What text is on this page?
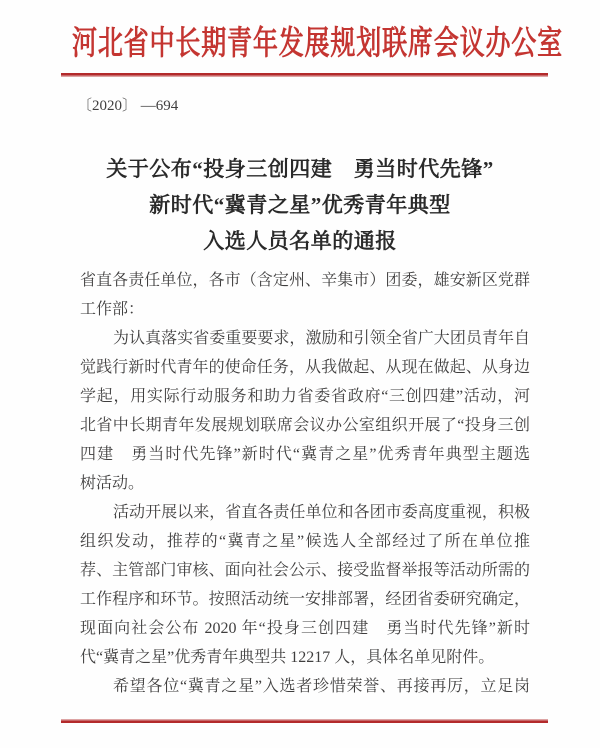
河北省中长期青年发展规划联席会议办公室
〔2020〕 —694
关于公布“投身三创四建　勇当时代先锋”
新时代“冀青之星”优秀青年典型
入选人员名单的通报
省直各责任单位，各市（含定州、辛集市）团委，雄安新区党群
工作部：
为认真落实省委重要要求，激励和引领全省广大团员青年自
觉践行新时代青年的使命任务，从我做起、从现在做起、从身边
学起，用实际行动服务和助力省委省政府“三创四建”活动，河
北省中长期青年发展规划联席会议办公室组织开展了“投身三创
四建　勇当时代先锋”新时代“冀青之星”优秀青年典型主题选
树活动。
活动开展以来，省直各责任单位和各团市委高度重视，积极
组织发动，推荐的“冀青之星”候选人全部经过了所在单位推
荐、主管部门审核、面向社会公示、接受监督举报等活动所需的
工作程序和环节。按照活动统一安排部署，经团省委研究确定，
现面向社会公布 2020 年“投身三创四建　勇当时代先锋”新时
代“冀青之星”优秀青年典型共 12217 人，具体名单见附件。
希望各位“冀青之星”入选者珍惜荣誉、再接再厉，立足岗
